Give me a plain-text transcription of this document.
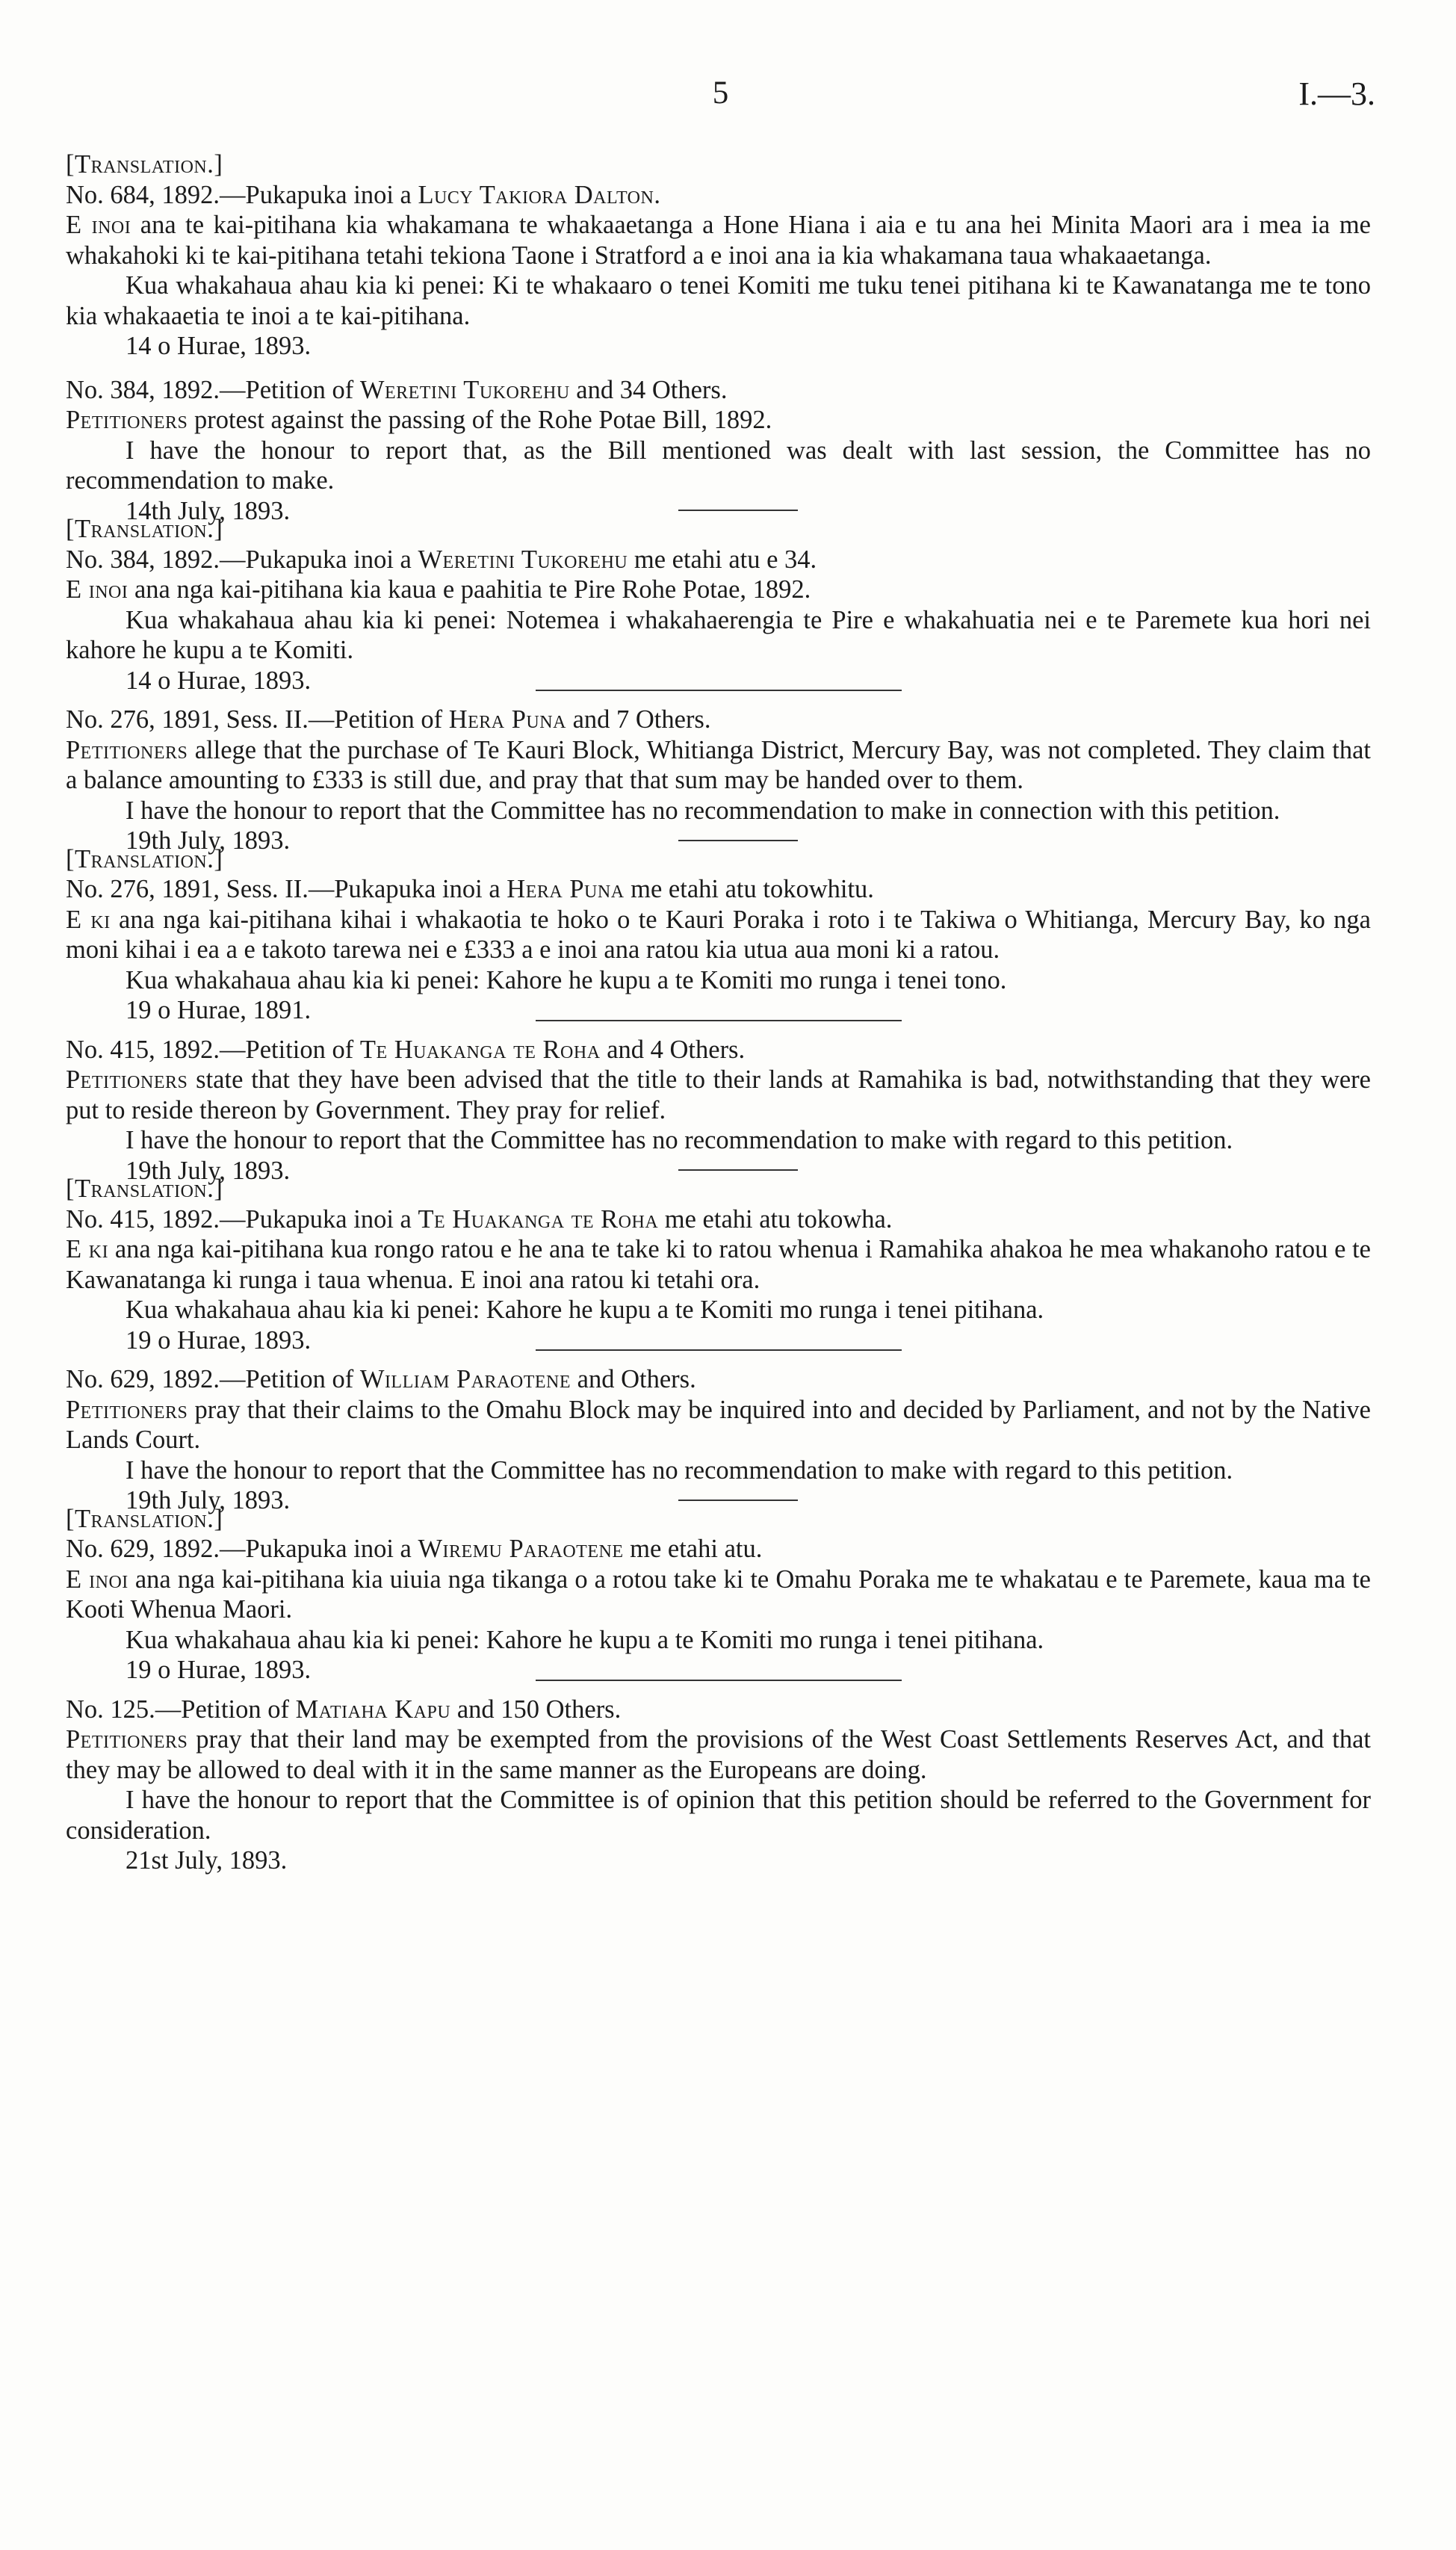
5	I.—3.

[Translation.]

No. 684, 1892.—Pukapuka inoi a Lucy Takiora Dalton.

E inoi ana te kai-pitihana kia whakamana te whakaaetanga a Hone Hiana i aia e tu ana hei Minita Maori ara i mea ia me whakahoki ki te kai-pitihana tetahi tekiona Taone i Stratford a e inoi ana ia kia whakamana taua whakaaetanga.

Kua whakahaua ahau kia ki penei: Ki te whakaaro o tenei Komiti me tuku tenei pitihana ki te Kawanatanga me te tono kia whakaaetia te inoi a te kai-pitihana.

14 o Hurae, 1893.

No. 384, 1892.—Petition of Weretini Tukorehu and 34 Others.

Petitioners protest against the passing of the Rohe Potae Bill, 1892.

I have the honour to report that, as the Bill mentioned was dealt with last session, the Committee has no recommendation to make.

14th July, 1893.

[Translation.]

No. 384, 1892.—Pukapuka inoi a Weretini Tukorehu me etahi atu e 34.

E inoi ana nga kai-pitihana kia kaua e paahitia te Pire Rohe Potae, 1892.

Kua whakahaua ahau kia ki penei: Notemea i whakahaerengia te Pire e whakahuatia nei e te Paremete kua hori nei kahore he kupu a te Komiti.

14 o Hurae, 1893.

No. 276, 1891, Sess. II.—Petition of Hera Puna and 7 Others.

Petitioners allege that the purchase of Te Kauri Block, Whitianga District, Mercury Bay, was not completed. They claim that a balance amounting to £333 is still due, and pray that that sum may be handed over to them.

I have the honour to report that the Committee has no recommendation to make in connection with this petition.

19th July, 1893.

[Translation.]

No. 276, 1891, Sess. II.—Pukapuka inoi a Hera Puna me etahi atu tokowhitu.

E ki ana nga kai-pitihana kihai i whakaotia te hoko o te Kauri Poraka i roto i te Takiwa o Whitianga, Mercury Bay, ko nga moni kihai i ea a e takoto tarewa nei e £333 a e inoi ana ratou kia utua aua moni ki a ratou.

Kua whakahaua ahau kia ki penei: Kahore he kupu a te Komiti mo runga i tenei tono.

19 o Hurae, 1891.

No. 415, 1892.—Petition of Te Huakanga te Roha and 4 Others.

Petitioners state that they have been advised that the title to their lands at Ramahika is bad, notwithstanding that they were put to reside thereon by Government. They pray for relief.

I have the honour to report that the Committee has no recommendation to make with regard to this petition.

19th July, 1893.

[Translation.]

No. 415, 1892.—Pukapuka inoi a Te Huakanga te Roha me etahi atu tokowha.

E ki ana nga kai-pitihana kua rongo ratou e he ana te take ki to ratou whenua i Ramahika ahakoa he mea whakanoho ratou e te Kawanatanga ki runga i taua whenua. E inoi ana ratou ki tetahi ora.

Kua whakahaua ahau kia ki penei: Kahore he kupu a te Komiti mo runga i tenei pitihana.

19 o Hurae, 1893.

No. 629, 1892.—Petition of William Paraotene and Others.

Petitioners pray that their claims to the Omahu Block may be inquired into and decided by Parliament, and not by the Native Lands Court.

I have the honour to report that the Committee has no recommendation to make with regard to this petition.

19th July, 1893.

[Translation.]

No. 629, 1892.—Pukapuka inoi a Wiremu Paraotene me etahi atu.

E inoi ana nga kai-pitihana kia uiuia nga tikanga o a rotou take ki te Omahu Poraka me te whakatau e te Paremete, kaua ma te Kooti Whenua Maori.

Kua whakahaua ahau kia ki penei: Kahore he kupu a te Komiti mo runga i tenei pitihana.

19 o Hurae, 1893.

No. 125.—Petition of Matiaha Kapu and 150 Others.

Petitioners pray that their land may be exempted from the provisions of the West Coast Settlements Reserves Act, and that they may be allowed to deal with it in the same manner as the Europeans are doing.

I have the honour to report that the Committee is of opinion that this petition should be referred to the Government for consideration.

21st July, 1893.
